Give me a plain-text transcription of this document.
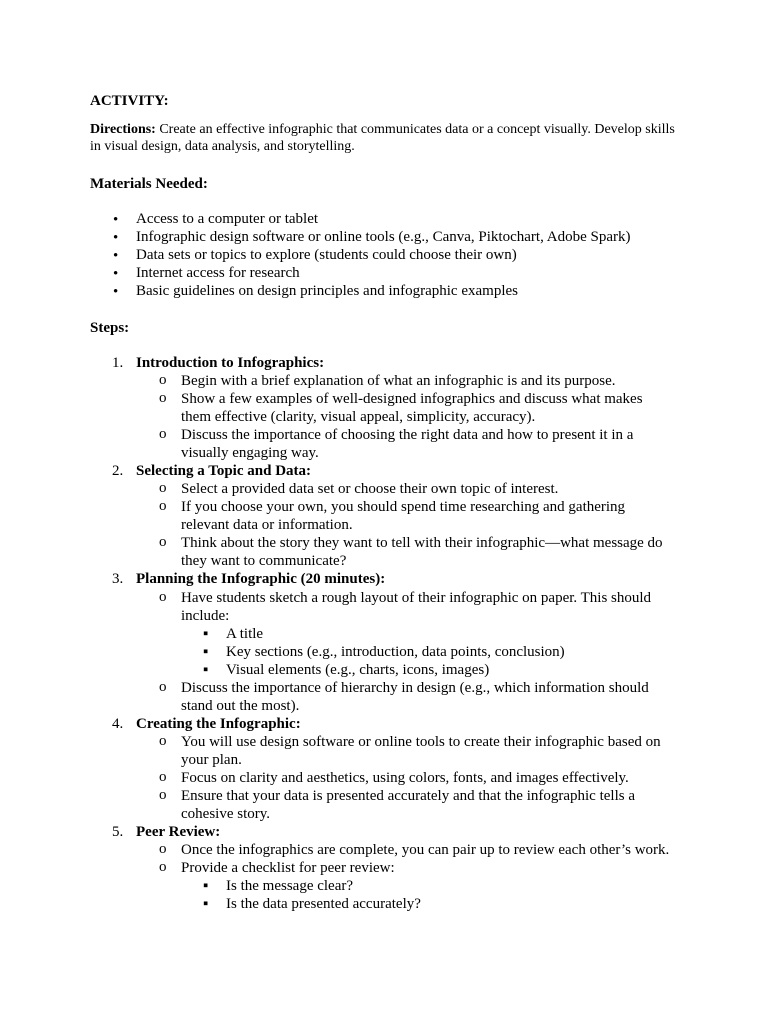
ACTIVITY:
Directions: Create an effective infographic that communicates data or a concept visually. Develop skills
in visual design, data analysis, and storytelling.
Materials Needed:
• Access to a computer or tablet
• Infographic design software or online tools (e.g., Canva, Piktochart, Adobe Spark)
• Data sets or topics to explore (students could choose their own)
• Internet access for research
• Basic guidelines on design principles and infographic examples
Steps:
1. Introduction to Infographics:
o Begin with a brief explanation of what an infographic is and its purpose.
o Show a few examples of well-designed infographics and discuss what makes
them effective (clarity, visual appeal, simplicity, accuracy).
o Discuss the importance of choosing the right data and how to present it in a
visually engaging way.
2. Selecting a Topic and Data:
o Select a provided data set or choose their own topic of interest.
o If you choose your own, you should spend time researching and gathering
relevant data or information.
o Think about the story they want to tell with their infographic—what message do
they want to communicate?
3. Planning the Infographic (20 minutes):
o Have students sketch a rough layout of their infographic on paper. This should
include:
▪ A title
▪ Key sections (e.g., introduction, data points, conclusion)
▪ Visual elements (e.g., charts, icons, images)
o Discuss the importance of hierarchy in design (e.g., which information should
stand out the most).
4. Creating the Infographic:
o You will use design software or online tools to create their infographic based on
your plan.
o Focus on clarity and aesthetics, using colors, fonts, and images effectively.
o Ensure that your data is presented accurately and that the infographic tells a
cohesive story.
5. Peer Review:
o Once the infographics are complete, you can pair up to review each other’s work.
o Provide a checklist for peer review:
▪ Is the message clear?
▪ Is the data presented accurately?
